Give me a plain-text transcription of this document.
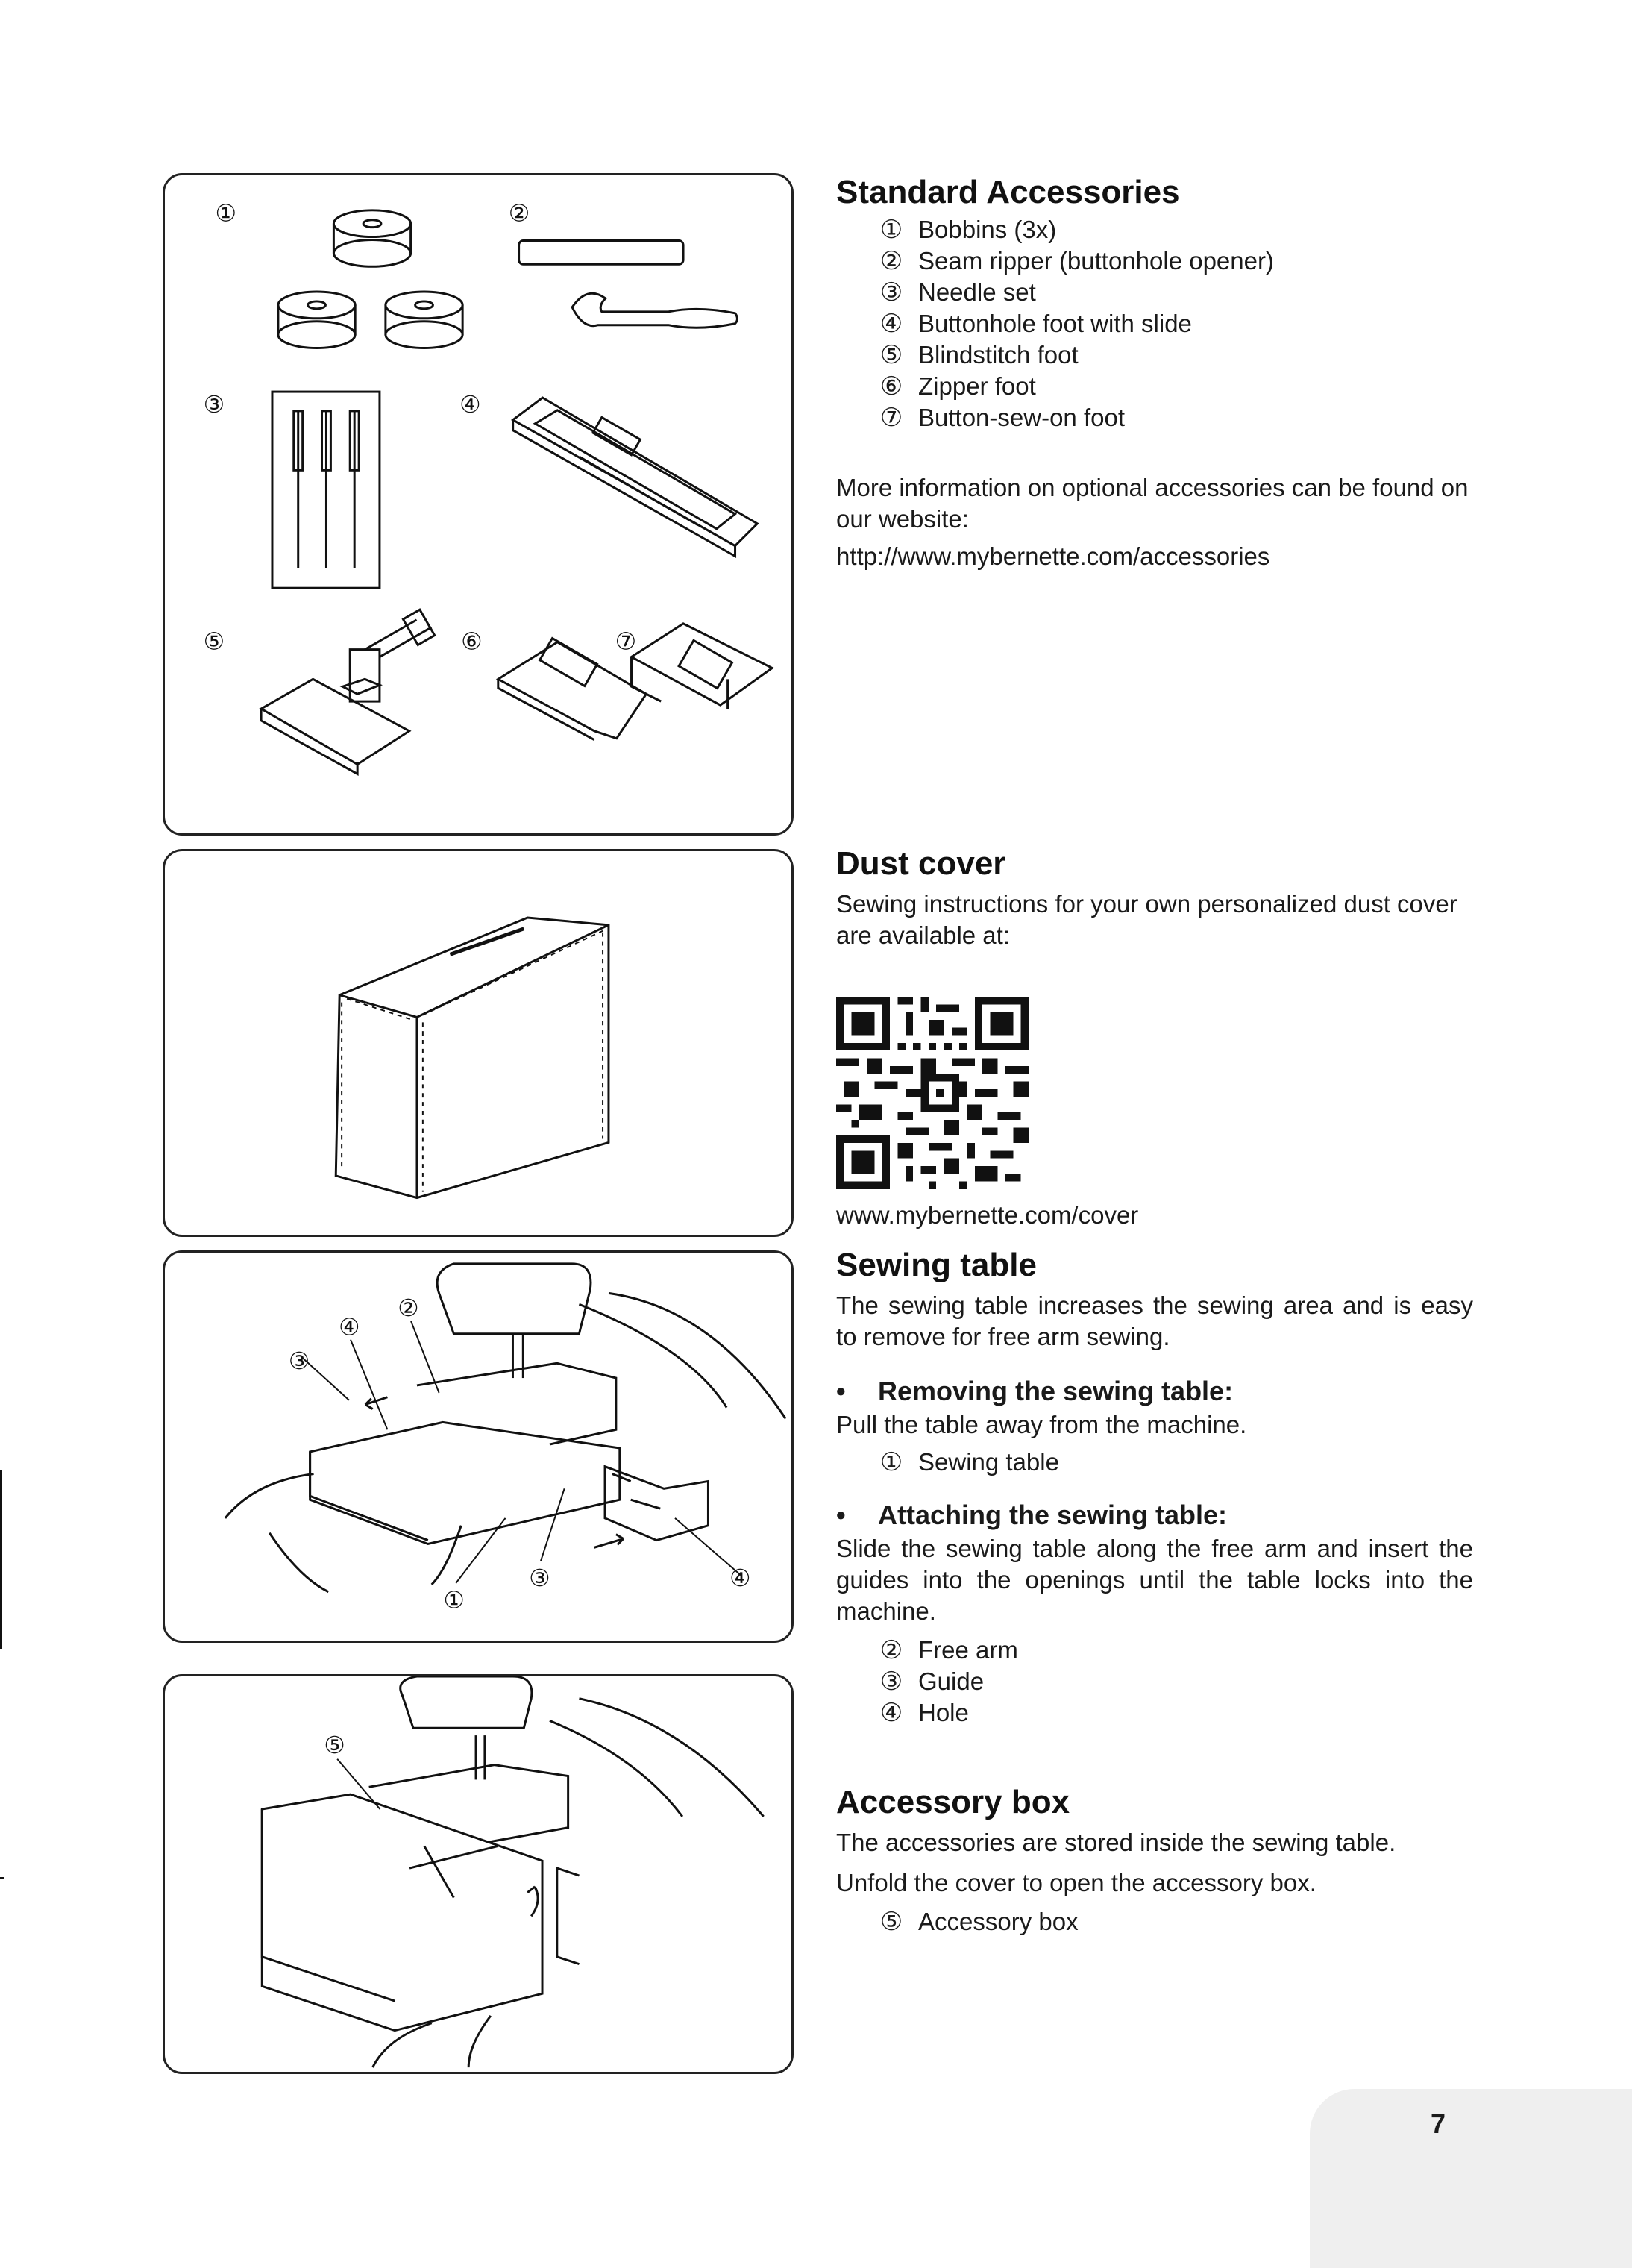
①	②
③	④
⑤	⑥	⑦
③
④
②
①
③	④
⑤
Standard Accessories
① Bobbins (3x)
② Seam ripper (buttonhole opener)
③ Needle set
④ Buttonhole foot with slide
⑤ Blindstitch foot
⑥ Zipper foot
⑦ Button-sew-on foot

More information on optional accessories can be found on our website:

http://www.mybernette.com/accessories

Dust cover

Sewing instructions for your own personalized dust cover are available at:

www.mybernette.com/cover

Sewing table

The sewing table increases the sewing area and is easy to remove for free arm sewing.

• Removing the sewing table:

Pull the table away from the machine.

① Sewing table

• Attaching the sewing table:

Slide the sewing table along the free arm and insert the guides into the openings until the table locks into the machine.

② Free arm
③ Guide
④ Hole
Accessory box

The accessories are stored inside the sewing table.

Unfold the cover to open the accessory box.

⑤ Accessory box
7
